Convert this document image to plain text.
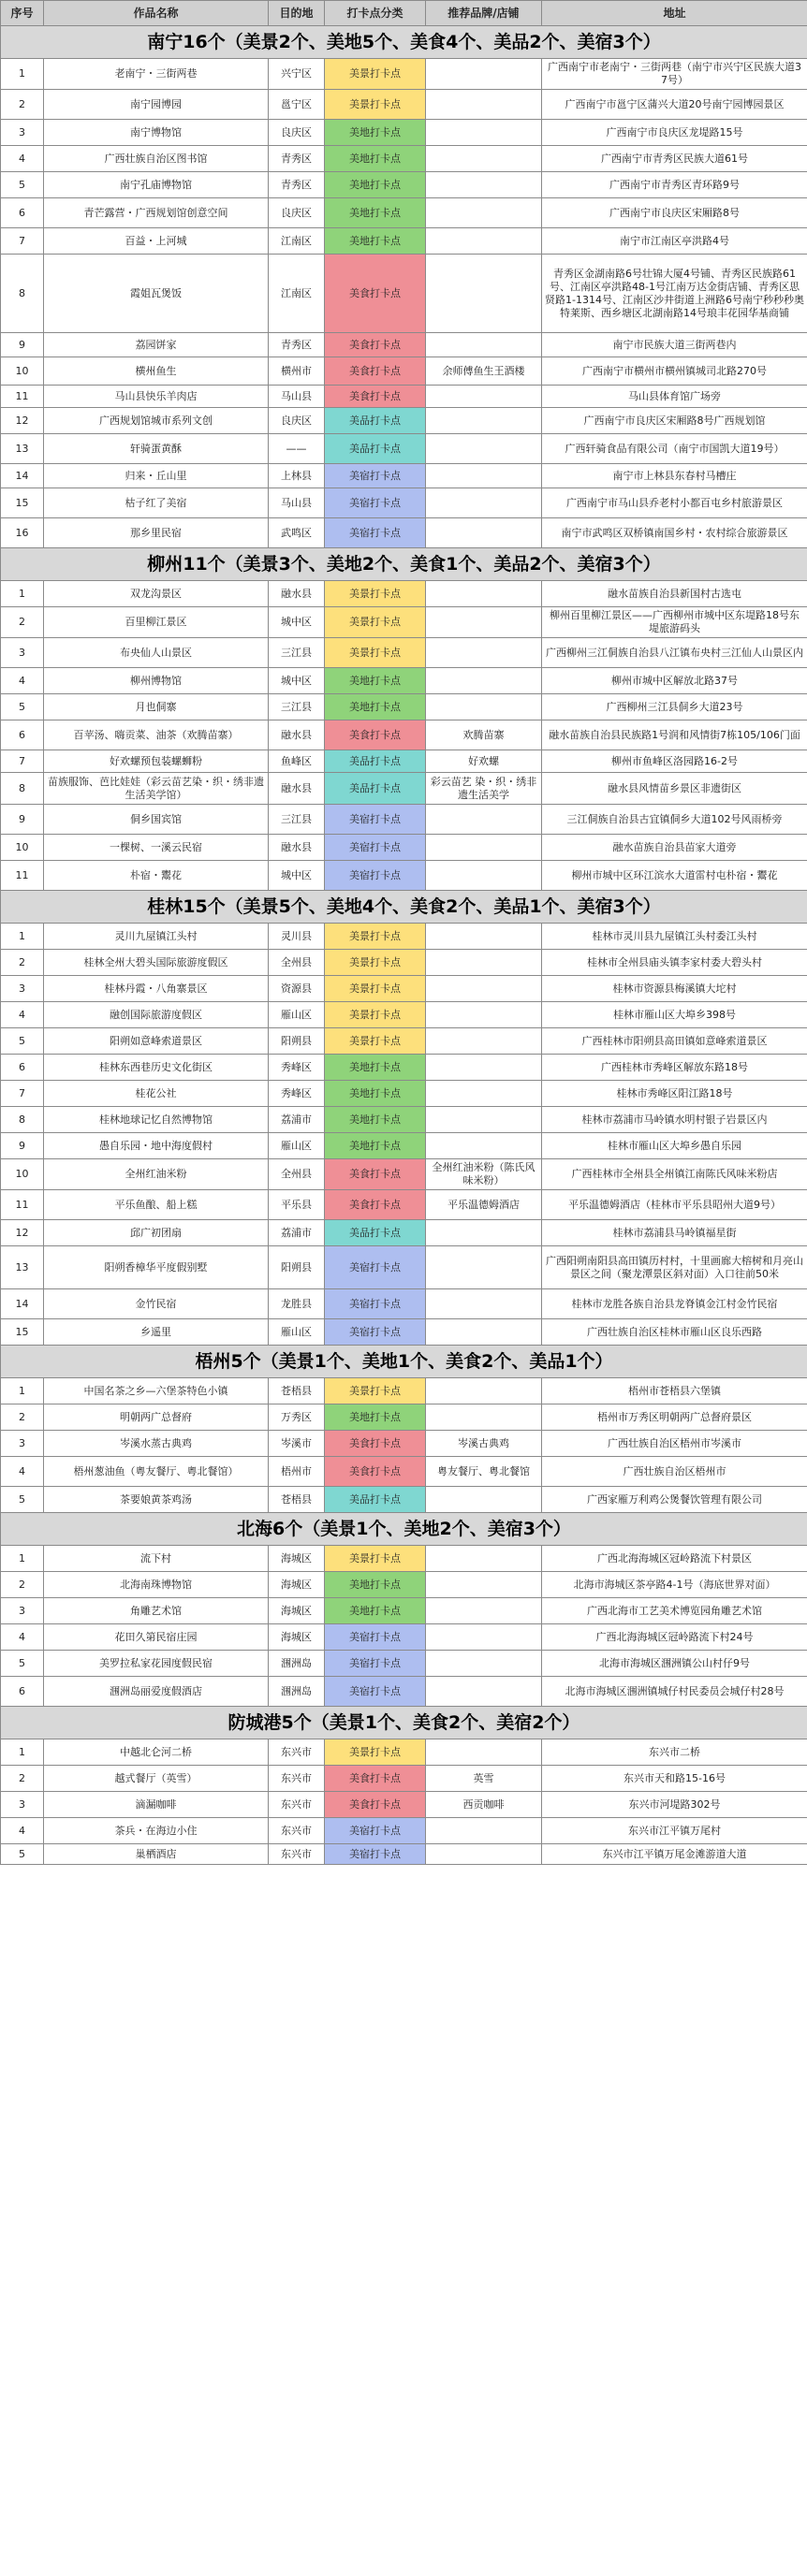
序号	作品名称	目的地	打卡点分类	推荐品牌/店铺	地址
南宁16个（美景2个、美地5个、美食4个、美品2个、美宿3个）					
1	老南宁・三街两巷	兴宁区	美景打卡点		广西南宁市老南宁・三街两巷（南宁市兴宁区民族大道37号）
2	南宁园博园	邕宁区	美景打卡点		广西南宁市邕宁区蒲兴大道20号南宁园博园景区
3	南宁博物馆	良庆区	美地打卡点		广西南宁市良庆区龙堤路15号
4	广西壮族自治区图书馆	青秀区	美地打卡点		广西南宁市青秀区民族大道61号
5	南宁孔庙博物馆	青秀区	美地打卡点		广西南宁市青秀区青环路9号
6	青芒露营・广西规划馆创意空间	良庆区	美地打卡点		广西南宁市良庆区宋厢路8号
7	百益・上河城	江南区	美地打卡点		南宁市江南区亭洪路4号
8	霞姐瓦煲饭	江南区	美食打卡点		青秀区金湖南路6号壮锦大厦4号铺、青秀区民族路61号、江南区亭洪路48-1号江南万达金街店铺、青秀区思贤路1-1314号、江南区沙井街道上洲路6号南宁秒秒秒奥特莱斯、西乡塘区北湖南路14号琅丰花园华基商铺
9	荔园饼家	青秀区	美食打卡点		南宁市民族大道三街两巷内
10	横州鱼生	横州市	美食打卡点	余师傅鱼生王酒楼	广西南宁市横州市横州镇城司北路270号
11	马山县快乐羊肉店	马山县	美食打卡点		马山县体育馆广场旁
12	广西规划馆城市系列文创	良庆区	美品打卡点		广西南宁市良庆区宋厢路8号广西规划馆
13	轩骑蛋黄酥	——	美品打卡点		广西轩骑食品有限公司（南宁市国凯大道19号）
14	归来・丘山里	上林县	美宿打卡点		南宁市上林县东春村马槽庄
15	枯子红了美宿	马山县	美宿打卡点		广西南宁市马山县乔老村小都百屯乡村旅游景区
16	那乡里民宿	武鸣区	美宿打卡点		南宁市武鸣区双桥镇南国乡村・农村综合旅游景区
柳州11个（美景3个、美地2个、美食1个、美品2个、美宿3个）					
1	双龙沟景区	融水县	美景打卡点		融水苗族自治县新国村古选屯
2	百里柳江景区	城中区	美景打卡点		柳州百里柳江景区——广西柳州市城中区东堤路18号东堤旅游码头
3	布央仙人山景区	三江县	美景打卡点		广西柳州三江侗族自治县八江镇布央村三江仙人山景区内
4	柳州博物馆	城中区	美地打卡点		柳州市城中区解放北路37号
5	月也侗寨	三江县	美地打卡点		广西柳州三江县侗乡大道23号
6	百苹汤、嗨贡菜、油茶（欢腾苗寨）	融水县	美食打卡点	欢腾苗寨	融水苗族自治县民族路1号润和风情街7栋105/106门面
7	好欢螺预包装螺蛳粉	鱼峰区	美品打卡点	好欢螺	柳州市鱼峰区洛园路16-2号
8	苗族服饰、芭比娃娃（彩云苗艺染・织・绣非遗生活美学馆）	融水县	美品打卡点	彩云苗艺 染・织・绣非遗生活美学	融水县风情苗乡景区非遗街区
9	侗乡国宾馆	三江县	美宿打卡点		三江侗族自治县古宜镇侗乡大道102号风雨桥旁
10	一棵树、一溪云民宿	融水县	美宿打卡点		融水苗族自治县苗家大道旁
11	朴宿・鬻花	城中区	美宿打卡点		柳州市城中区环江滨水大道雷村屯朴宿・鬻花
桂林15个（美景5个、美地4个、美食2个、美品1个、美宿3个）					
1	灵川九屋镇江头村	灵川县	美景打卡点		桂林市灵川县九屋镇江头村委江头村
2	桂林全州大碧头国际旅游度假区	全州县	美景打卡点		桂林市全州县庙头镇李家村委大碧头村
3	桂林丹霞・八角寨景区	资源县	美景打卡点		桂林市资源县梅溪镇大坨村
4	融创国际旅游度假区	雁山区	美景打卡点		桂林市雁山区大埠乡398号
5	阳朔如意峰索道景区	阳朔县	美景打卡点		广西桂林市阳朔县高田镇如意峰索道景区
6	桂林东西巷历史文化街区	秀峰区	美地打卡点		广西桂林市秀峰区解放东路18号
7	桂花公社	秀峰区	美地打卡点		桂林市秀峰区阳江路18号
8	桂林地球记忆自然博物馆	荔浦市	美地打卡点		桂林市荔浦市马岭镇水明村银子岩景区内
9	愚自乐园・地中海度假村	雁山区	美地打卡点		桂林市雁山区大埠乡愚自乐园
10	全州红油米粉	全州县	美食打卡点	全州红油米粉（陈氏风味米粉）	广西桂林市全州县全州镇江南陈氏风味米粉店
11	平乐鱼酿、船上糕	平乐县	美食打卡点	平乐温德姆酒店	平乐温德姆酒店（桂林市平乐县昭州大道9号）
12	邱广初团扇	荔浦市	美品打卡点		桂林市荔浦县马岭镇福星街
13	阳朔香樟华平度假别墅	阳朔县	美宿打卡点		广西阳朔南阳县高田镇历村村，十里画廊大榕树和月亮山景区之间（聚龙潭景区斜对面）入口往前50米
14	金竹民宿	龙胜县	美宿打卡点		桂林市龙胜各族自治县龙脊镇金江村金竹民宿
15	乡遥里	雁山区	美宿打卡点		广西壮族自治区桂林市雁山区良乐西路
梧州5个（美景1个、美地1个、美食2个、美品1个）					
1	中国名茶之乡—六堡茶特色小镇	苍梧县	美景打卡点		梧州市苍梧县六堡镇
2	明朝两广总督府	万秀区	美地打卡点		梧州市万秀区明朝两广总督府景区
3	岑溪水蒸古典鸡	岑溪市	美食打卡点	岑溪古典鸡	广西壮族自治区梧州市岑溪市
4	梧州葱油鱼（粤友餐厅、粤北餐馆）	梧州市	美食打卡点	粤友餐厅、粤北餐馆	广西壮族自治区梧州市
5	茶要娘黄茶鸡汤	苍梧县	美品打卡点		广西家雁万利鸡公煲餐饮管理有限公司
北海6个（美景1个、美地2个、美宿3个）					
1	流下村	海城区	美景打卡点		广西北海海城区冠岭路流下村景区
2	北海南珠博物馆	海城区	美地打卡点		北海市海城区茶亭路4-1号（海底世界对面）
3	角雕艺术馆	海城区	美地打卡点		广西北海市工艺美术博览园角雕艺术馆
4	花田久第民宿庄园	海城区	美宿打卡点		广西北海海城区冠岭路流下村24号
5	美罗拉私家花园度假民宿	涠洲岛	美宿打卡点		北海市海城区涠洲镇公山村仔9号
6	涠洲岛丽爱度假酒店	涠洲岛	美宿打卡点		北海市海城区涠洲镇城仔村民委员会城仔村28号
防城港5个（美景1个、美食2个、美宿2个）					
1	中越北仑河二桥	东兴市	美景打卡点		东兴市二桥
2	越式餐厅（英雪）	东兴市	美食打卡点	英雪	东兴市天和路15-16号
3	滴漏咖啡	东兴市	美食打卡点	西贡咖啡	东兴市河堤路302号
4	茶兵・在海边小住	东兴市	美宿打卡点		东兴市江平镇万尾村
5	巢栖酒店	东兴市	美宿打卡点		东兴市江平镇万尾金滩游道大道
